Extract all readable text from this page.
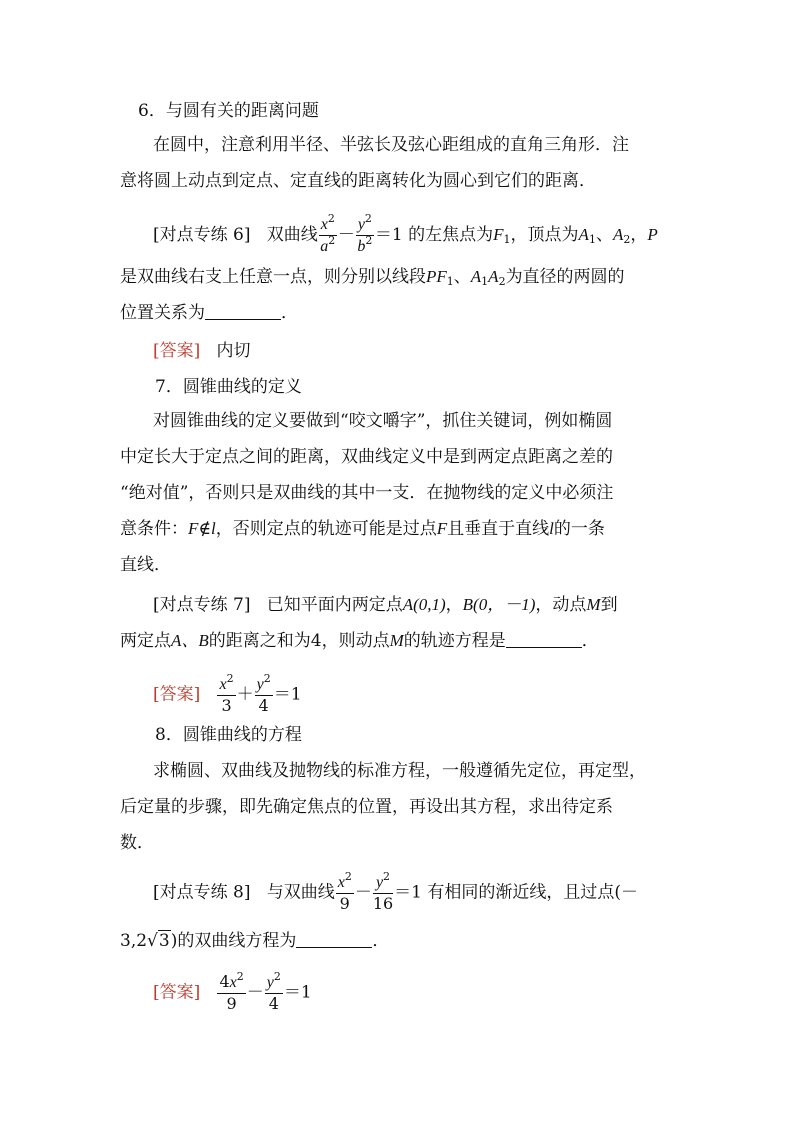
6．与圆有关的距离问题
在圆中，注意利用半径、半弦长及弦心距组成的直角三角形．注
意将圆上动点到定点、定直线的距离转化为圆心到它们的距离．
[对点专练 6] 双曲线 $\frac{x^2}{a^2} - \frac{y^2}{b^2} =1$ 的左焦点为$F_1$，顶点为$A_1$、$A_2$，P
是双曲线右支上任意一点，则分别以线段$PF_1$、$A_1A_2$为直径的两圆的
位置关系为	．
[答案] 内切
7．圆锥曲线的定义
对圆锥曲线的定义要做到“咬文嚼字”，抓住关键词，例如椭圆
中定长大于定点之间的距离，双曲线定义中是到两定点距离之差的
“绝对值”，否则只是双曲线的其中一支．在抛物线的定义中必须注
意条件：F∉l，否则定点的轨迹可能是过点F且垂直于直线l的一条
直线．
[对点专练 7] 已知平面内两定点A(0,1)，B(0，－1)，动点M到
两定点A、B的距离之和为4，则动点M的轨迹方程是	．
[答案] $\frac{x^2}{3} + \frac{y^2}{4} =1$
8．圆锥曲线的方程
求椭圆、双曲线及抛物线的标准方程，一般遵循先定位，再定型，
后定量的步骤，即先确定焦点的位置，再设出其方程，求出待定系
数．
[对点专练 8] 与双曲线 $\frac{x^2}{9} - \frac{y^2}{16} =1$ 有相同的渐近线，且过点(－
3,2√3)的双曲线方程为	．
[答案] $\frac{4x^2}{9} - \frac{y^2}{4} =1$
